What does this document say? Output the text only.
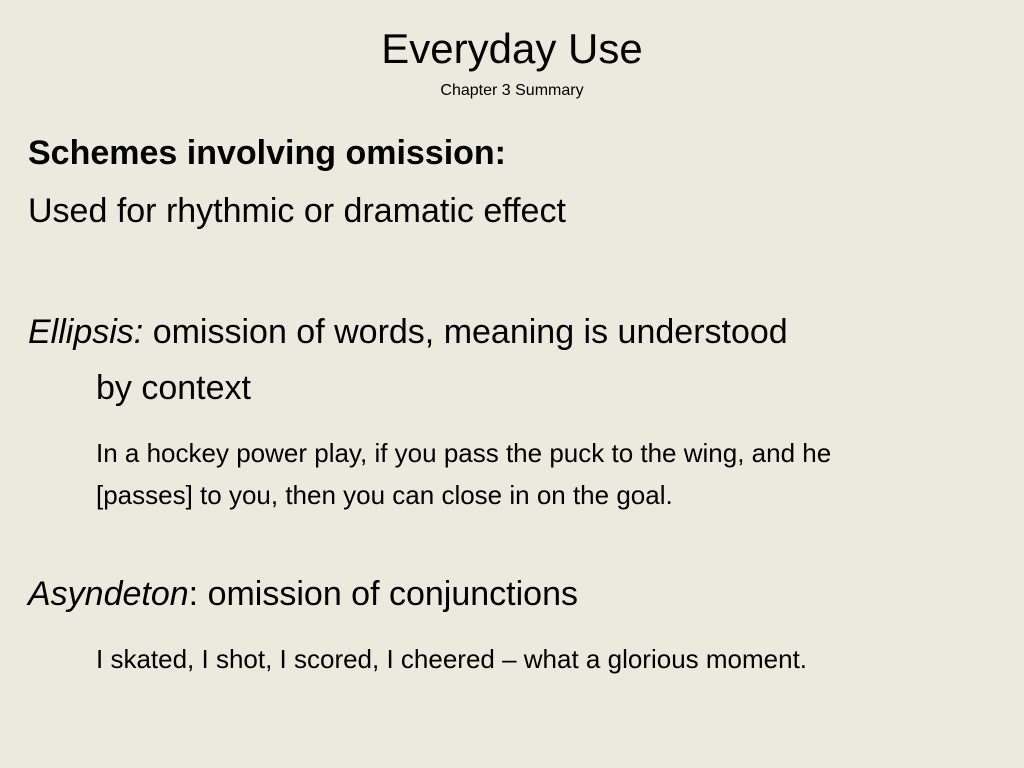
Everyday Use
Chapter 3 Summary
Schemes involving omission:
Used for rhythmic or dramatic effect
Ellipsis: omission of words, meaning is understood
by context
In a hockey power play, if you pass the puck to the wing, and he
[passes] to you, then you can close in on the goal.
Asyndeton: omission of conjunctions
I skated, I shot, I scored, I cheered – what a glorious moment.
